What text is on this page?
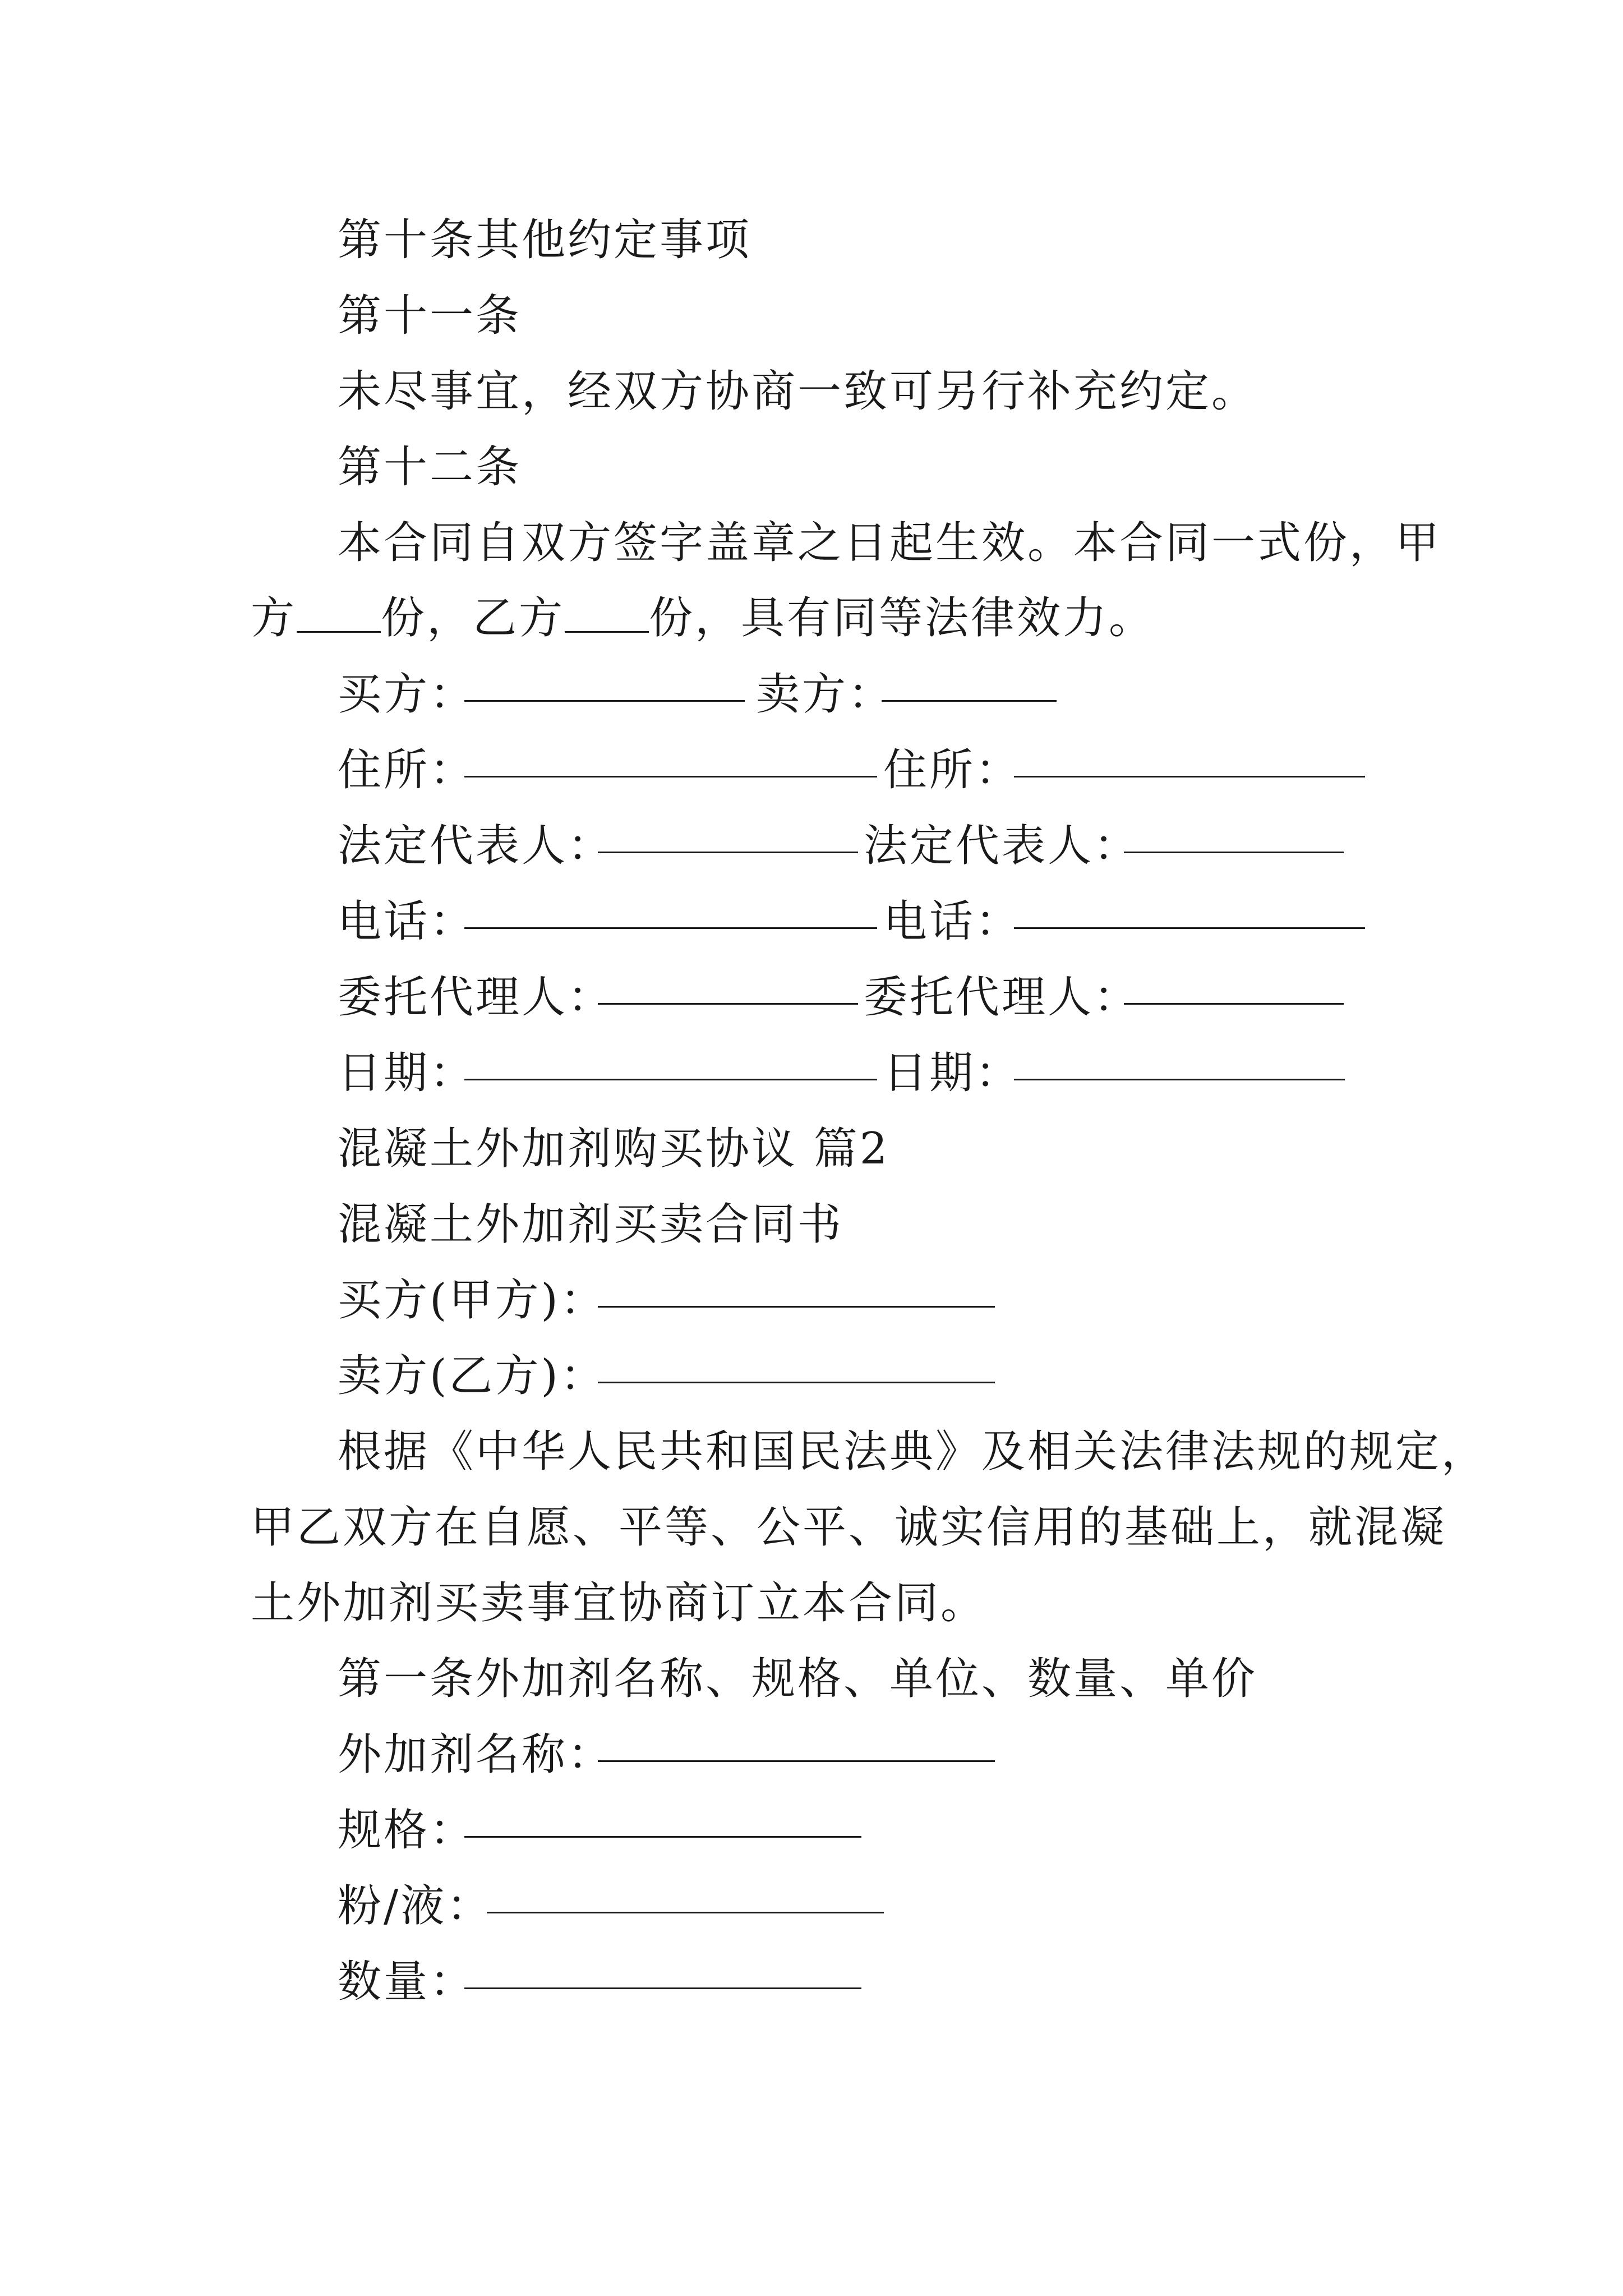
第十条其他约定事项
第十一条
未尽事宜，经双方协商一致可另行补充约定。
第十二条
本合同自双方签字盖章之日起生效。本合同一式份，甲
方 份，乙方 份，具有同等法律效力。
买方：	卖方：
住所：	住所：
法定代表人：	法定代表人：
电话：	电话：
委托代理人：	委托代理人：
日期：	日期：
混凝土外加剂购买协议 篇2
混凝土外加剂买卖合同书
买方(甲方)：
卖方(乙方)：
根据《中华人民共和国民法典》及相关法律法规的规定，
甲乙双方在自愿、平等、公平、诚实信用的基础上，就混凝
土外加剂买卖事宜协商订立本合同。
第一条外加剂名称、规格、单位、数量、单价
外加剂名称：
规格：
粉/液：
数量：
